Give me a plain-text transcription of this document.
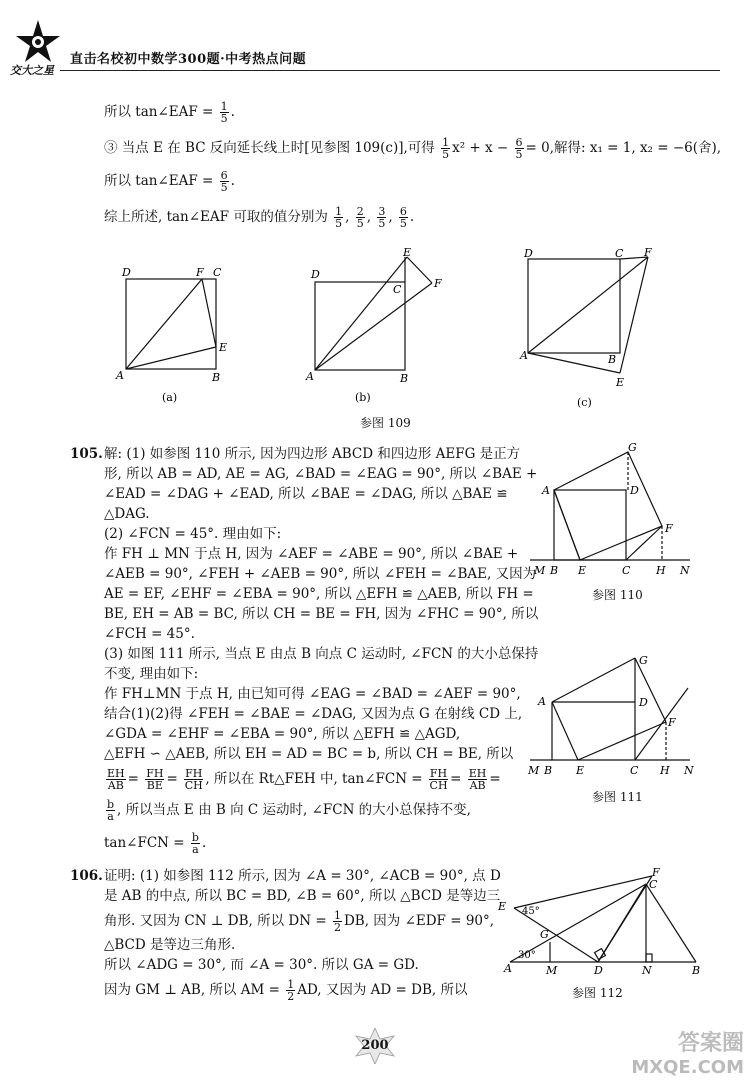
交大之星
直击名校初中数学300题·中考热点问题
所以 tan∠EAF = $\frac{1}{5}$ .
③ 当点 E 在 BC 反向延长线上时[见参图 109(c)],可得 $\frac{1}{5} x^2 + x - \frac{6}{5} = 0$,解得: x₁ = 1, x₂ = −6(舍),
所以 tan∠EAF = $\frac{6}{5}$ .
综上所述, tan∠EAF 可取的值分别为 $\frac{1}{5}$ , $\frac{2}{5}$ , $\frac{3}{5}$ , $\frac{6}{5}$ .
A	B
C
D	F
E
(a)
A	B
C
D
E
F
(b)
A	B
C
D	F
E
(c)
参图 109
105. 解: (1) 如参图 110 所示, 因为四边形 ABCD 和四边形 AEFG 是正方
形, 所以 AB = AD, AE = AG, ∠BAD = ∠EAG = 90°, 所以 ∠BAE +
∠EAD = ∠DAG + ∠EAD, 所以 ∠BAE = ∠DAG, 所以 △BAE ≌
△DAG.
(2) ∠FCN = 45°. 理由如下:
作 FH ⊥ MN 于点 H, 因为 ∠AEF = ∠ABE = 90°, 所以 ∠BAE +
∠AEB = 90°, ∠FEH + ∠AEB = 90°, 所以 ∠FEH = ∠BAE, 又因为
AE = EF, ∠EHF = ∠EBA = 90°, 所以 △EFH ≌ △AEB, 所以 FH =
BE, EH = AB = BC, 所以 CH = BE = FH, 因为 ∠FHC = 90°, 所以
∠FCH = 45°.
(3) 如图 111 所示, 当点 E 由点 B 向点 C 运动时, ∠FCN 的大小总保持
不变, 理由如下:
作 FH⊥MN 于点 H, 由已知可得 ∠EAG = ∠BAD = ∠AEF = 90°,
结合(1)(2)得 ∠FEH = ∠BAE = ∠DAG, 又因为点 G 在射线 CD 上,
∠GDA = ∠EHF = ∠EBA = 90°, 所以 △EFH ≌ △AGD,
△EFH ∽ △AEB, 所以 EH = AD = BC = b, 所以 CH = BE, 所以
$\frac{EH}{AB} = \frac{FH}{BE} = \frac{FH}{CH}$ , 所以在 Rt△FEH 中, tan∠FCN = $\frac{FH}{CH} = \frac{EH}{AB}$ =
$\frac{b}{a}$ , 所以当点 E 由 B 向 C 运动时, ∠FCN 的大小总保持不变,
tan∠FCN = $\frac{b}{a}$ .
A
G
D
F
M B E	C H N
参图 110
A
G
D
F
M B E	C H N
参图 111
106. 证明: (1) 如参图 112 所示, 因为 ∠A = 30°, ∠ACB = 90°, 点 D
是 AB 的中点, 所以 BC = BD, ∠B = 60°, 所以 △BCD 是等边三
角形. 又因为 CN ⊥ DB, 所以 DN = $\frac{1}{2}$ DB, 因为 ∠EDF = 90°,
△BCD 是等边三角形.
所以 ∠ADG = 30°, 而 ∠A = 30°. 所以 GA = GD.
因为 GM ⊥ AB, 所以 AM = $\frac{1}{2}$ AD, 又因为 AD = DB, 所以
E
F
C
G
A	M	D	N	B
45°
30°
参图 112
200	答案圈
MXQE.COM
